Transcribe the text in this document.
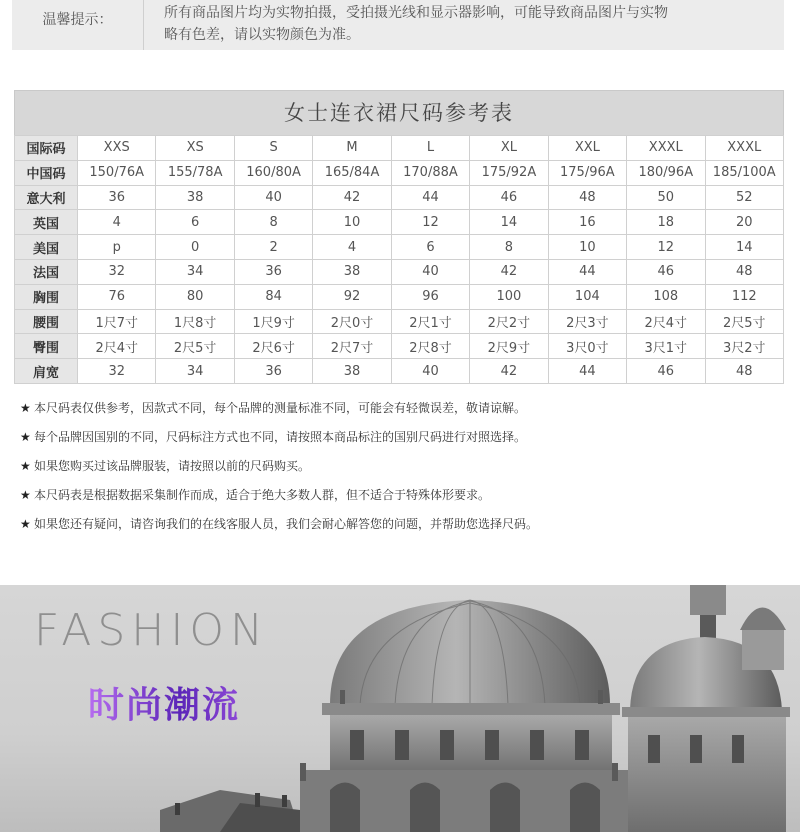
温馨提示：	所有商品图片均为实物拍摄，受拍摄光线和显示器影响，可能导致商品图片与实物
略有色差，请以实物颜色为准。
女士连衣裙尺码参考表
国际码	XXS	XS	S	M	L	XL	XXL	XXXL	XXXL
中国码	150/76A	155/78A	160/80A	165/84A	170/88A	175/92A	175/96A	180/96A	185/100A
意大利	36	38	40	42	44	46	48	50	52
英国	4	6	8	10	12	14	16	18	20
美国	p	0	2	4	6	8	10	12	14
法国	32	34	36	38	40	42	44	46	48
胸围	76	80	84	92	96	100	104	108	112
腰围	1尺7寸	1尺8寸	1尺9寸	2尺0寸	2尺1寸	2尺2寸	2尺3寸	2尺4寸	2尺5寸
臀围	2尺4寸	2尺5寸	2尺6寸	2尺7寸	2尺8寸	2尺9寸	3尺0寸	3尺1寸	3尺2寸
肩宽	32	34	36	38	40	42	44	46	48
★ 本尺码表仅供参考，因款式不同，每个品牌的测量标准不同，可能会有轻微误差，敬请谅解。
★ 每个品牌因国别的不同，尺码标注方式也不同，请按照本商品标注的国别尺码进行对照选择。
★ 如果您购买过该品牌服装，请按照以前的尺码购买。
★ 本尺码表是根据数据采集制作而成，适合于绝大多数人群，但不适合于特殊体形要求。
★ 如果您还有疑问，请咨询我们的在线客服人员，我们会耐心解答您的问题，并帮助您选择尺码。
FASHION
时尚潮流
